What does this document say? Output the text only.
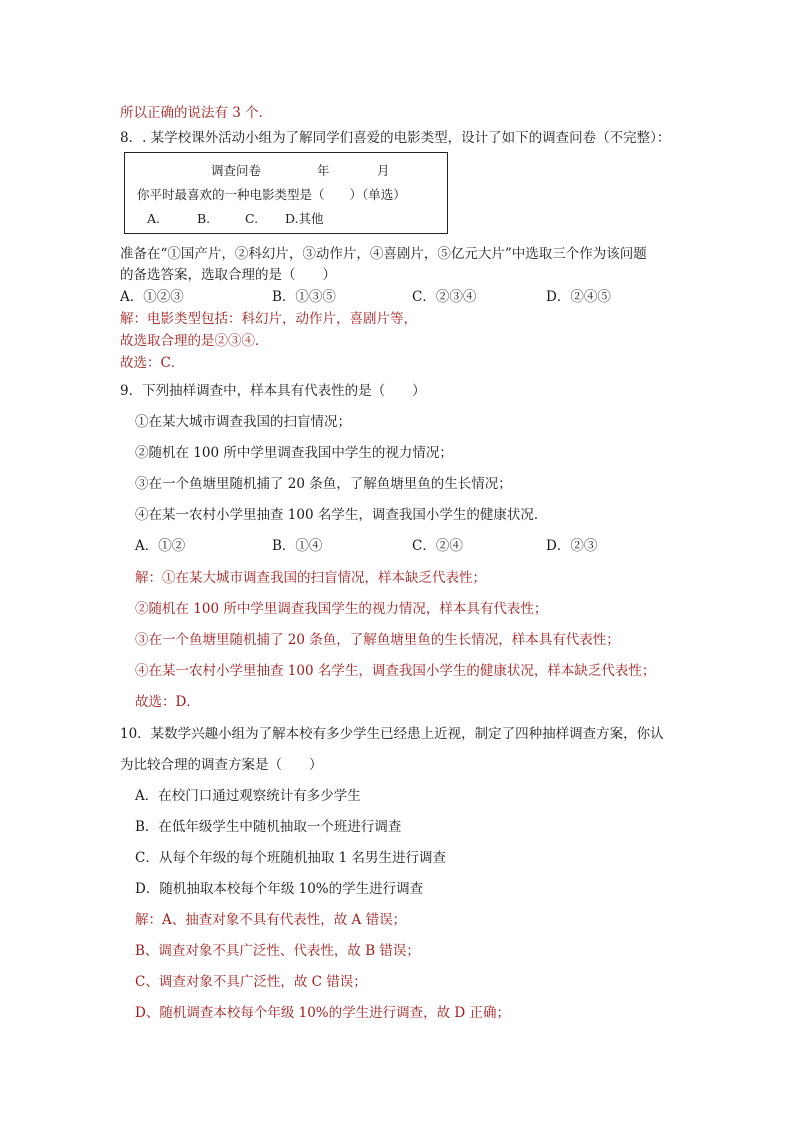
所以正确的说法有 3 个．
8．. 某学校课外活动小组为了解同学们喜爱的电影类型，设计了如下的调查问卷（不完整）：
调查问卷	年	月
你平时最喜欢的一种电影类型是（　　）（单选）
A.	B.	C. D.其他
准备在“①国产片，②科幻片，③动作片，④喜剧片，⑤亿元大片”中选取三个作为该问题
的备选答案，选取合理的是（　　）
A．①②③	B．①③⑤	C．②③④	D．②④⑤
解：电影类型包括：科幻片，动作片，喜剧片等，
故选取合理的是②③④．
故选：C．
9．下列抽样调查中，样本具有代表性的是（　　）
①在某大城市调查我国的扫盲情况；
②随机在 100 所中学里调查我国中学生的视力情况；
③在一个鱼塘里随机捕了 20 条鱼，了解鱼塘里鱼的生长情况；
④在某一农村小学里抽查 100 名学生，调查我国小学生的健康状况．
A．①②	B．①④	C．②④	D．②③
解：①在某大城市调查我国的扫盲情况，样本缺乏代表性；
②随机在 100 所中学里调查我国学生的视力情况，样本具有代表性；
③在一个鱼塘里随机捕了 20 条鱼，了解鱼塘里鱼的生长情况，样本具有代表性；
④在某一农村小学里抽查 100 名学生，调查我国小学生的健康状况，样本缺乏代表性；
故选：D．
10．某数学兴趣小组为了解本校有多少学生已经患上近视，制定了四种抽样调查方案，你认
为比较合理的调查方案是（　　）
A．在校门口通过观察统计有多少学生
B．在低年级学生中随机抽取一个班进行调查
C．从每个年级的每个班随机抽取 1 名男生进行调查
D．随机抽取本校每个年级 10%的学生进行调查
解：A、抽查对象不具有代表性，故 A 错误；
B、调查对象不具广泛性、代表性，故 B 错误；
C、调查对象不具广泛性，故 C 错误；
D、随机调查本校每个年级 10%的学生进行调查，故 D 正确；
